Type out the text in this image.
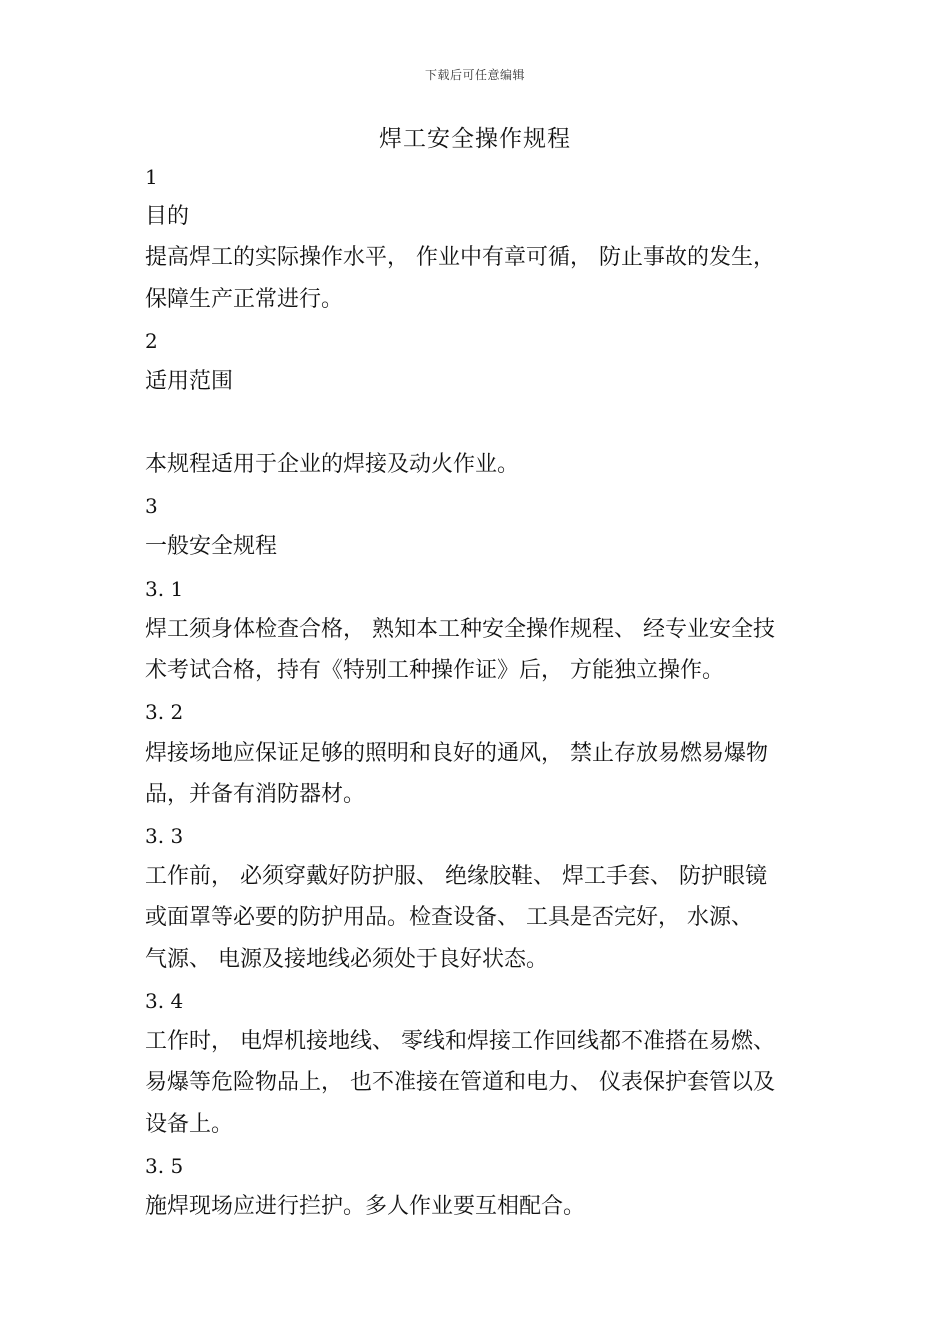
下载后可任意编辑
焊工安全操作规程
1
目的
提高焊工的实际操作水平， 作业中有章可循， 防止事故的发生，
保障生产正常进行。
2
适用范围
本规程适用于企业的焊接及动火作业。
3
一般安全规程
3. 1
焊工须身体检查合格， 熟知本工种安全操作规程、 经专业安全技
术考试合格，持有《特别工种操作证》后， 方能独立操作。
3. 2
焊接场地应保证足够的照明和良好的通风， 禁止存放易燃易爆物
品，并备有消防器材。
3. 3
工作前， 必须穿戴好防护服、 绝缘胶鞋、 焊工手套、 防护眼镜
或面罩等必要的防护用品。检查设备、 工具是否完好， 水源、
气源、 电源及接地线必须处于良好状态。
3. 4
工作时， 电焊机接地线、 零线和焊接工作回线都不准搭在易燃、
易爆等危险物品上， 也不准接在管道和电力、 仪表保护套管以及
设备上。
3. 5
施焊现场应进行拦护。多人作业要互相配合。
